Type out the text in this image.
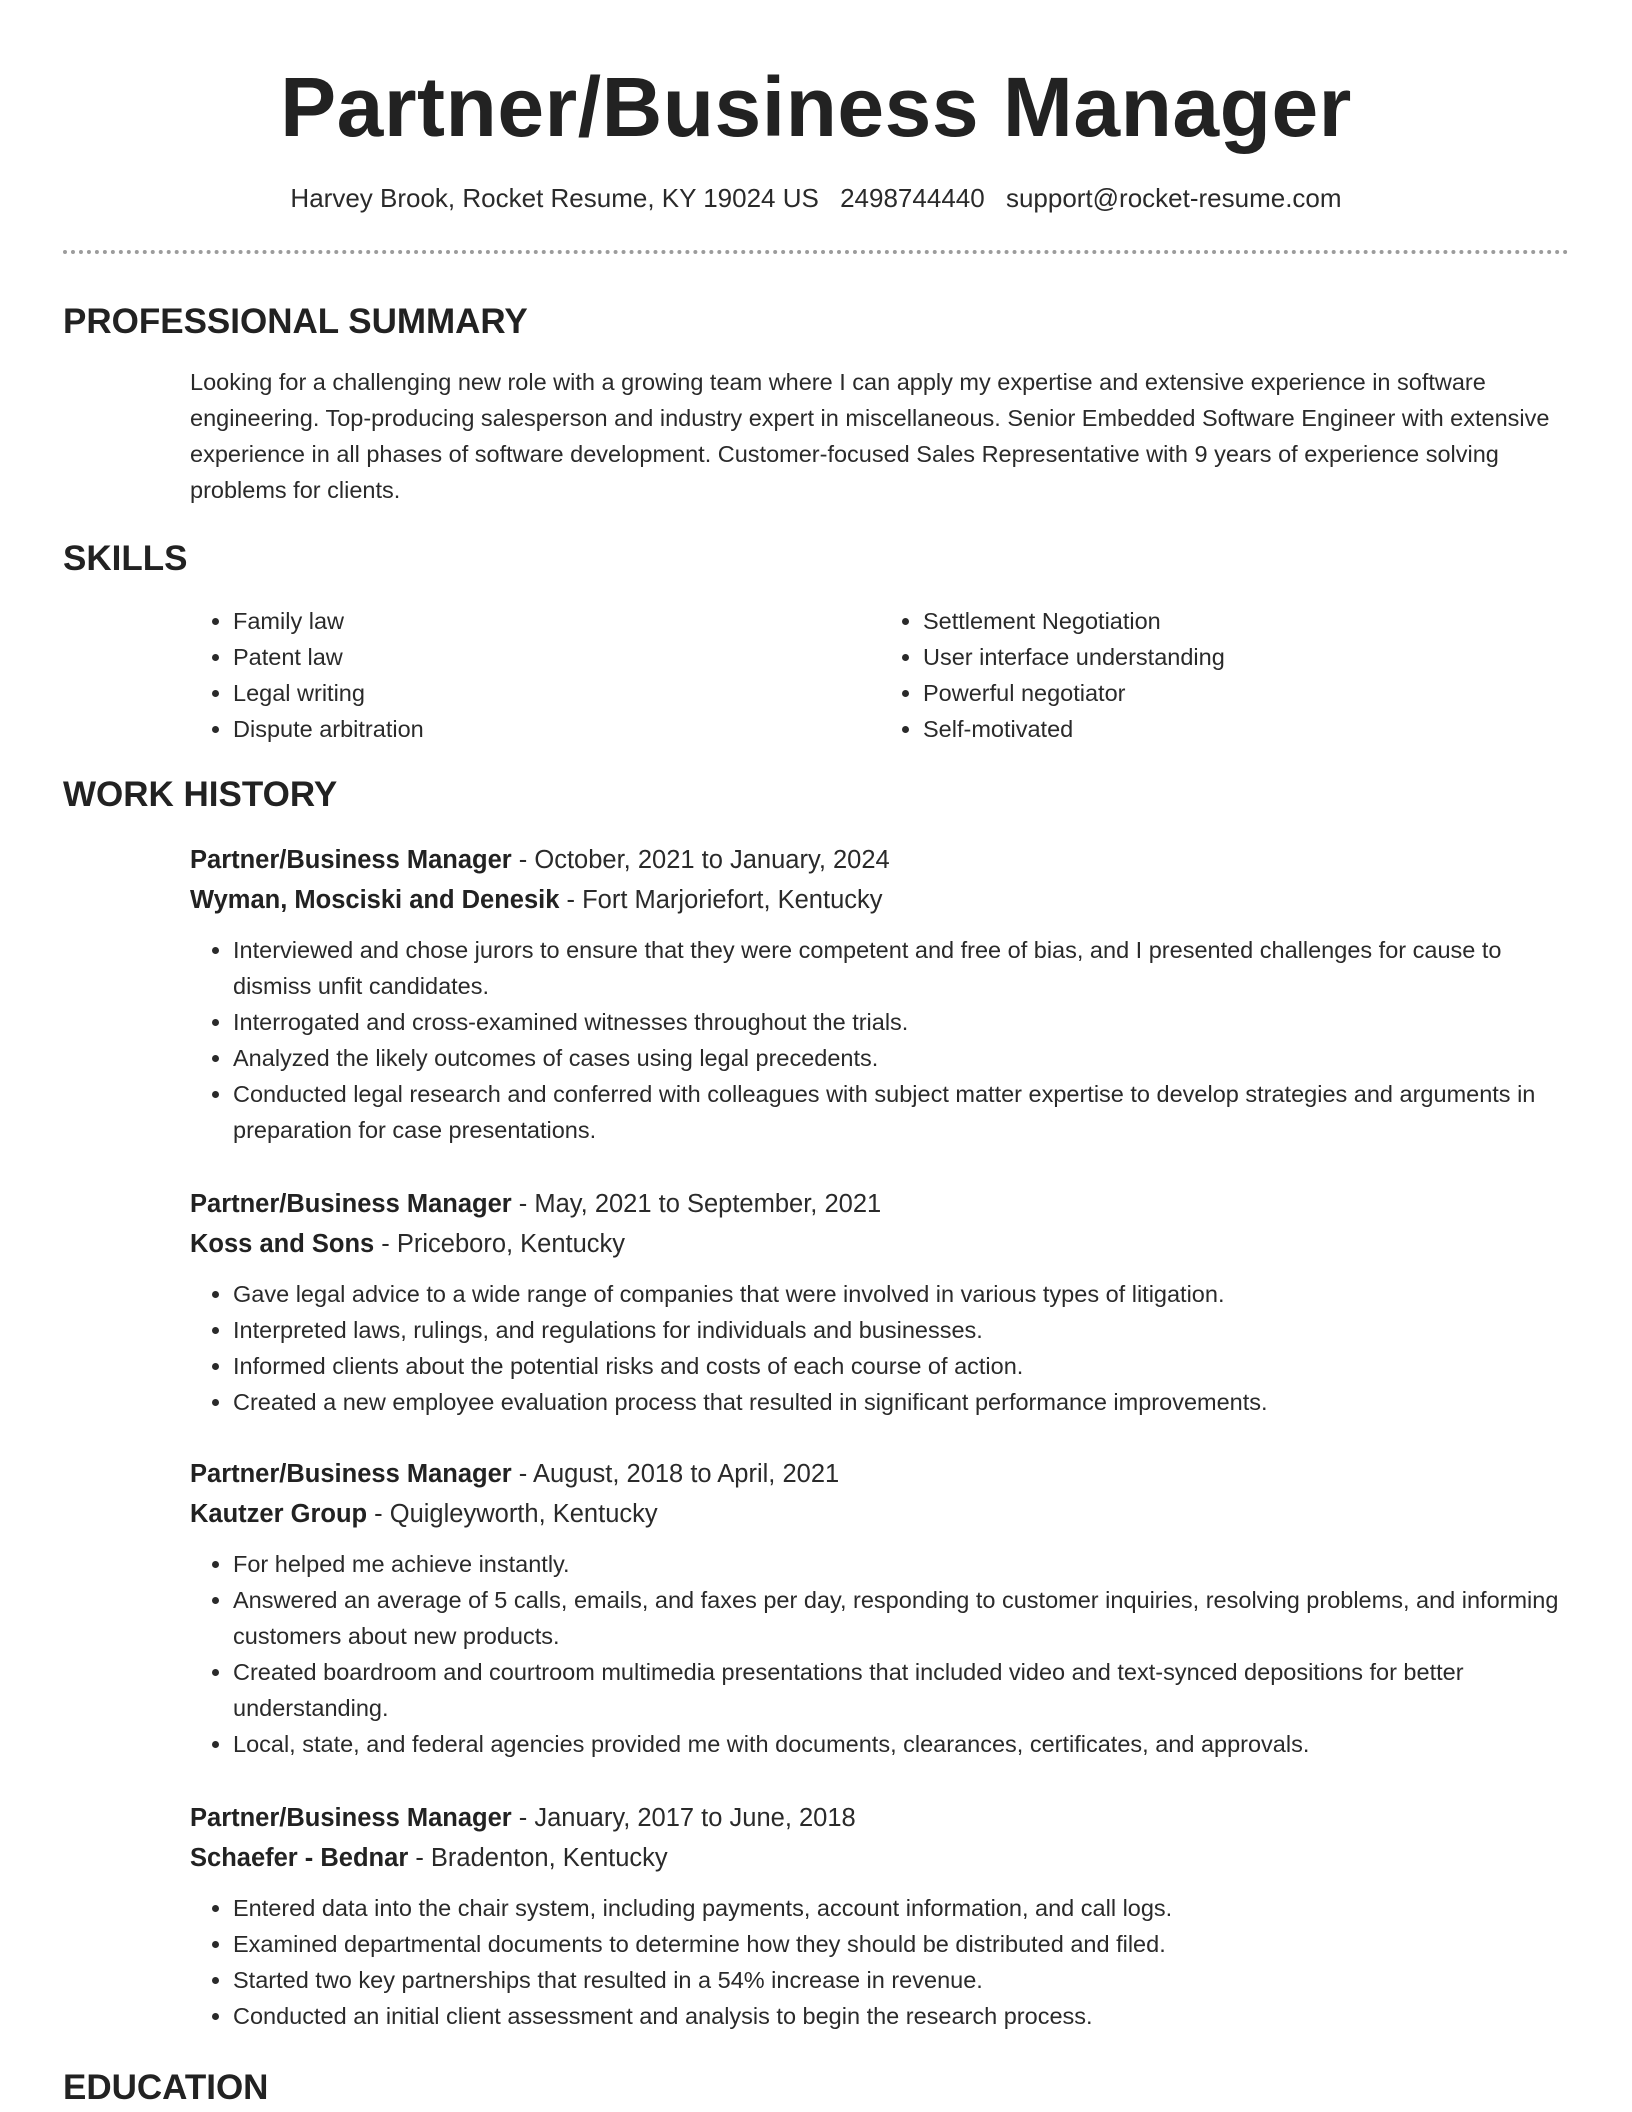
Partner/Business Manager
Harvey Brook, Rocket Resume, KY 19024 US 2498744440 support@rocket-resume.com
PROFESSIONAL SUMMARY
Looking for a challenging new role with a growing team where I can apply my expertise and extensive experience in software engineering. Top-producing salesperson and industry expert in miscellaneous. Senior Embedded Software Engineer with extensive experience in all phases of software development. Customer-focused Sales Representative with 9 years of experience solving problems for clients.
SKILLS
• Family law
• Patent law
• Legal writing
• Dispute arbitration
• Settlement Negotiation
• User interface understanding
• Powerful negotiator
• Self-motivated
WORK HISTORY
Partner/Business Manager - October, 2021 to January, 2024
Wyman, Mosciski and Denesik - Fort Marjoriefort, Kentucky
• Interviewed and chose jurors to ensure that they were competent and free of bias, and I presented challenges for cause to dismiss unfit candidates.
• Interrogated and cross-examined witnesses throughout the trials.
• Analyzed the likely outcomes of cases using legal precedents.
• Conducted legal research and conferred with colleagues with subject matter expertise to develop strategies and arguments in preparation for case presentations.
Partner/Business Manager - May, 2021 to September, 2021
Koss and Sons - Priceboro, Kentucky
• Gave legal advice to a wide range of companies that were involved in various types of litigation.
• Interpreted laws, rulings, and regulations for individuals and businesses.
• Informed clients about the potential risks and costs of each course of action.
• Created a new employee evaluation process that resulted in significant performance improvements.
Partner/Business Manager - August, 2018 to April, 2021
Kautzer Group - Quigleyworth, Kentucky
• For helped me achieve instantly.
• Answered an average of 5 calls, emails, and faxes per day, responding to customer inquiries, resolving problems, and informing customers about new products.
• Created boardroom and courtroom multimedia presentations that included video and text-synced depositions for better understanding.
• Local, state, and federal agencies provided me with documents, clearances, certificates, and approvals.
Partner/Business Manager - January, 2017 to June, 2018
Schaefer - Bednar - Bradenton, Kentucky
• Entered data into the chair system, including payments, account information, and call logs.
• Examined departmental documents to determine how they should be distributed and filed.
• Started two key partnerships that resulted in a 54% increase in revenue.
• Conducted an initial client assessment and analysis to begin the research process.
EDUCATION
